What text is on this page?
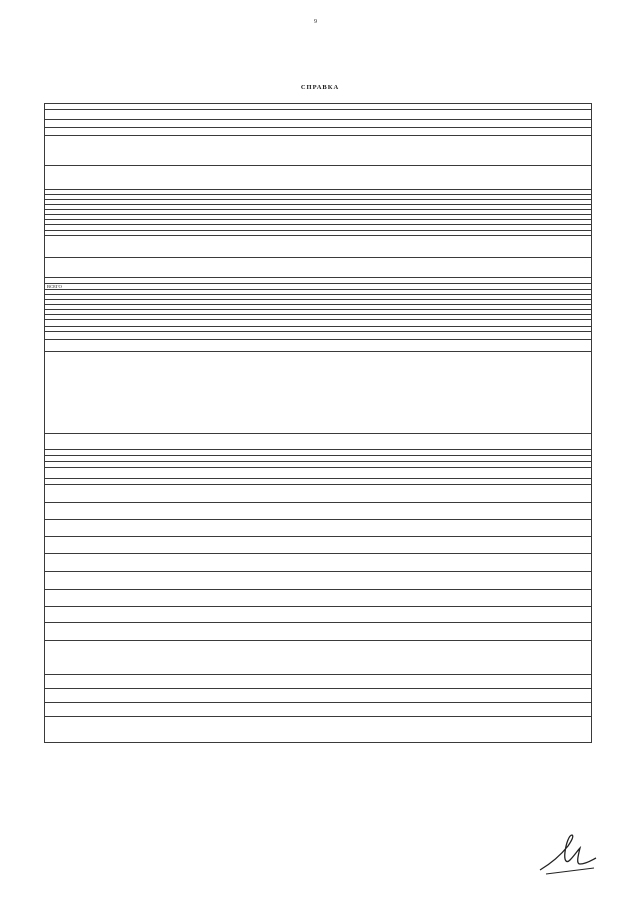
9
СПРАВКА

ВСЕГО
